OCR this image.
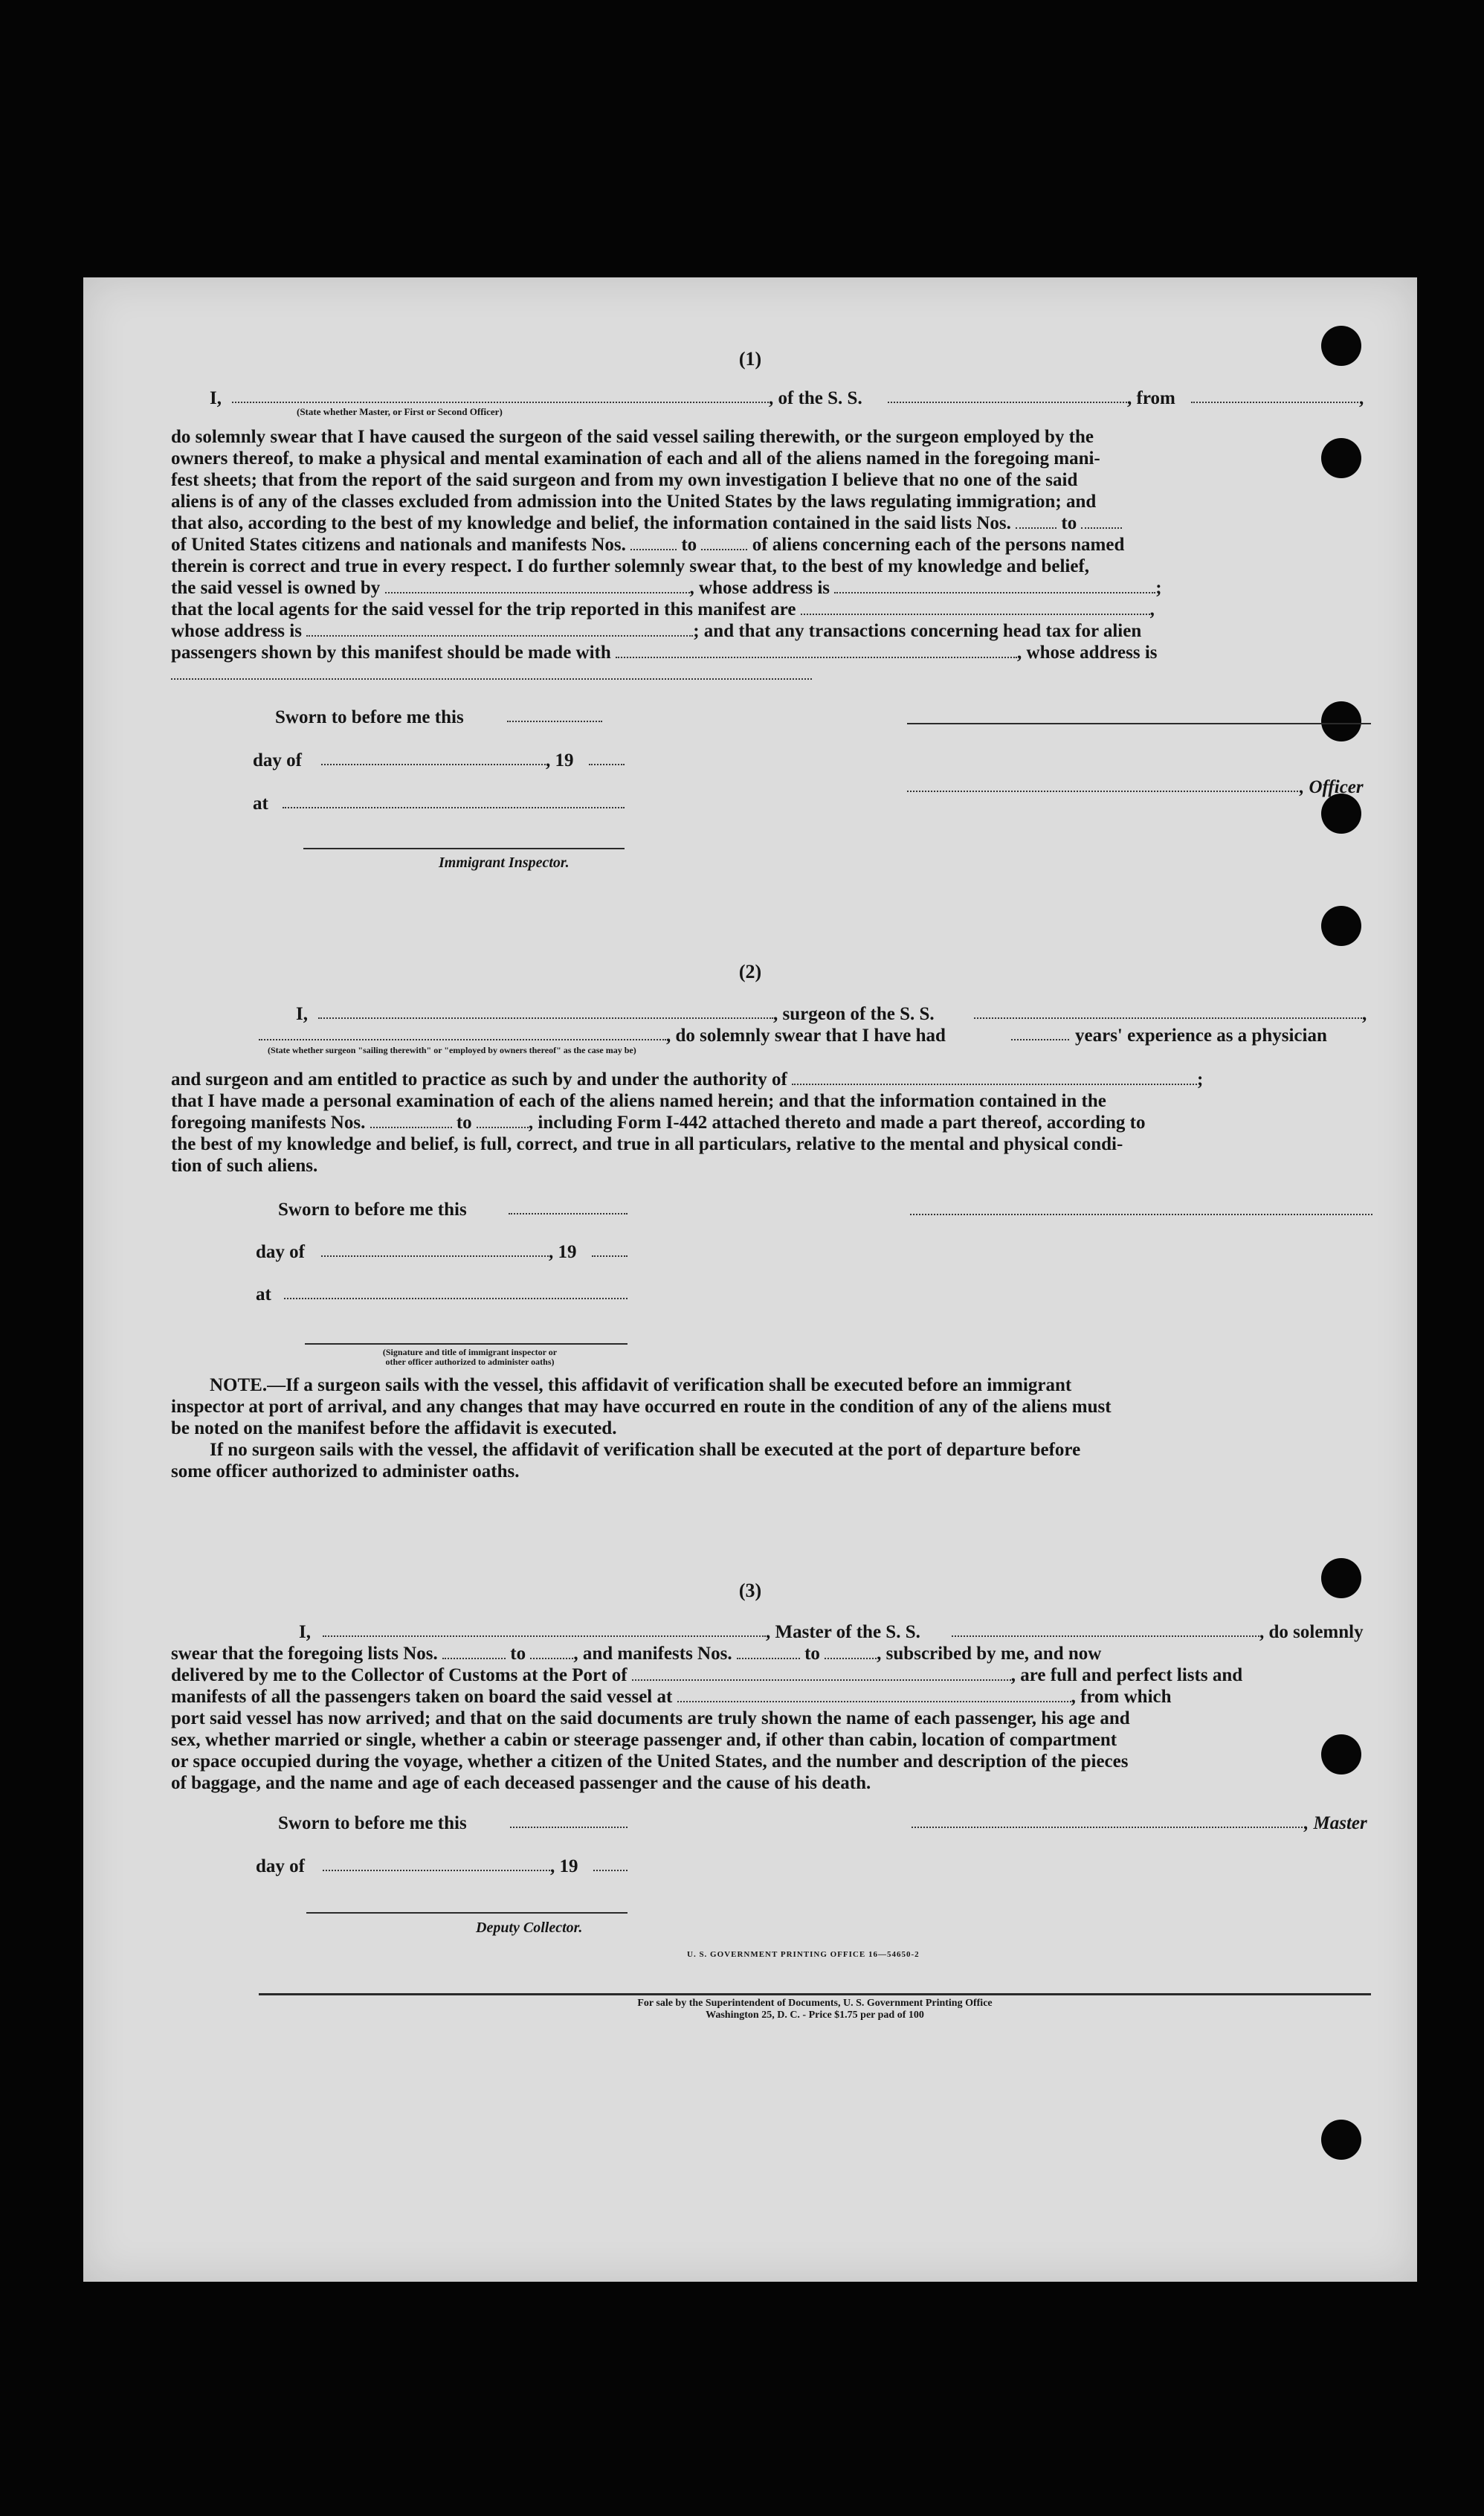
(1)
I,	, of the S. S.	, from	,
(State whether Master, or First or Second Officer)
do solemnly swear that I have caused the surgeon of the said vessel sailing therewith, or the surgeon employed by the
owners thereof, to make a physical and mental examination of each and all of the aliens named in the foregoing mani-
fest sheets; that from the report of the said surgeon and from my own investigation I believe that no one of the said
aliens is of any of the classes excluded from admission into the United States by the laws regulating immigration; and
that also, according to the best of my knowledge and belief, the information contained in the said lists Nos.	to
of United States citizens and nationals and manifests Nos.	to	of aliens concerning each of the persons named
therein is correct and true in every respect. I do further solemnly swear that, to the best of my knowledge and belief,
the said vessel is owned by	, whose address is	;
that the local agents for the said vessel for the trip reported in this manifest are	,
whose address is	; and that any transactions concerning head tax for alien
passengers shown by this manifest should be made with	, whose address is
Sworn to before me this
day of	, 19
, Officer
at
Immigrant Inspector.
(2)
I,	, surgeon of the S. S.	,
, do solemnly swear that I have had	years' experience as a physician
(State whether surgeon "sailing therewith" or "employed by owners thereof" as the case may be)
and surgeon and am entitled to practice as such by and under the authority of	;
that I have made a personal examination of each of the aliens named herein; and that the information contained in the
foregoing manifests Nos.	to	, including Form I-442 attached thereto and made a part thereof, according to
the best of my knowledge and belief, is full, correct, and true in all particulars, relative to the mental and physical condi-
tion of such aliens.
Sworn to before me this
day of	, 19
at
(Signature and title of immigrant inspector or
other officer authorized to administer oaths)
NOTE.—If a surgeon sails with the vessel, this affidavit of verification shall be executed before an immigrant
inspector at port of arrival, and any changes that may have occurred en route in the condition of any of the aliens must
be noted on the manifest before the affidavit is executed.
If no surgeon sails with the vessel, the affidavit of verification shall be executed at the port of departure before
some officer authorized to administer oaths.
(3)
I,	, Master of the S. S.	, do solemnly
swear that the foregoing lists Nos.	to	, and manifests Nos.	to	, subscribed by me, and now
delivered by me to the Collector of Customs at the Port of	, are full and perfect lists and
manifests of all the passengers taken on board the said vessel at	, from which
port said vessel has now arrived; and that on the said documents are truly shown the name of each passenger, his age and
sex, whether married or single, whether a cabin or steerage passenger and, if other than cabin, location of compartment
or space occupied during the voyage, whether a citizen of the United States, and the number and description of the pieces
of baggage, and the name and age of each deceased passenger and the cause of his death.
Sworn to before me this	, Master
day of	, 19
Deputy Collector.
U. S. GOVERNMENT PRINTING OFFICE 16—54650-2
For sale by the Superintendent of Documents, U. S. Government Printing Office
Washington 25, D. C. - Price $1.75 per pad of 100
